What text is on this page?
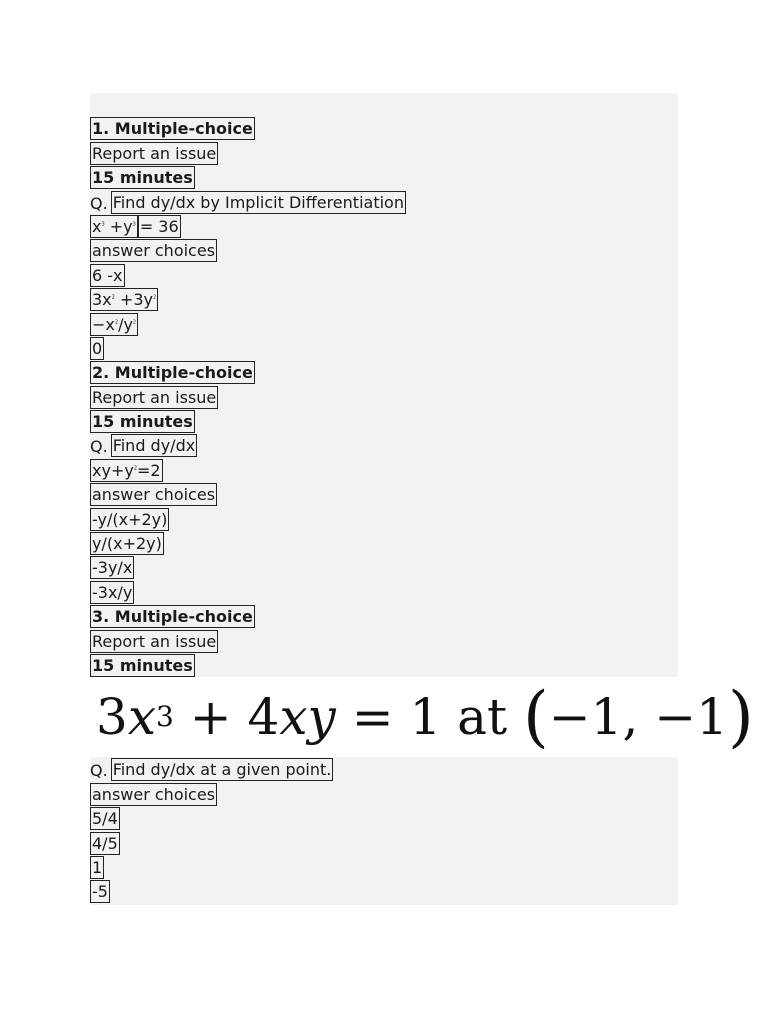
1. Multiple-choice
Report an issue
15 minutes
Q. Find dy/dx by Implicit Differentiation
$x^3 +y^3 = 36$
answer choices
6 -x
$3x^2 +3y^2$
$-x^2/y^2$
0
2. Multiple-choice
Report an issue
15 minutes
Q. Find dy/dx
$xy+y^2=2$
answer choices
-y/(x+2y)
y/(x+2y)
-3y/x
-3x/y
3. Multiple-choice
Report an issue
15 minutes
3 x 3 + 4 xy = 1 at ( −1, −1 )
Q. Find dy/dx at a given point.
answer choices
5/4
4/5
1
-5
